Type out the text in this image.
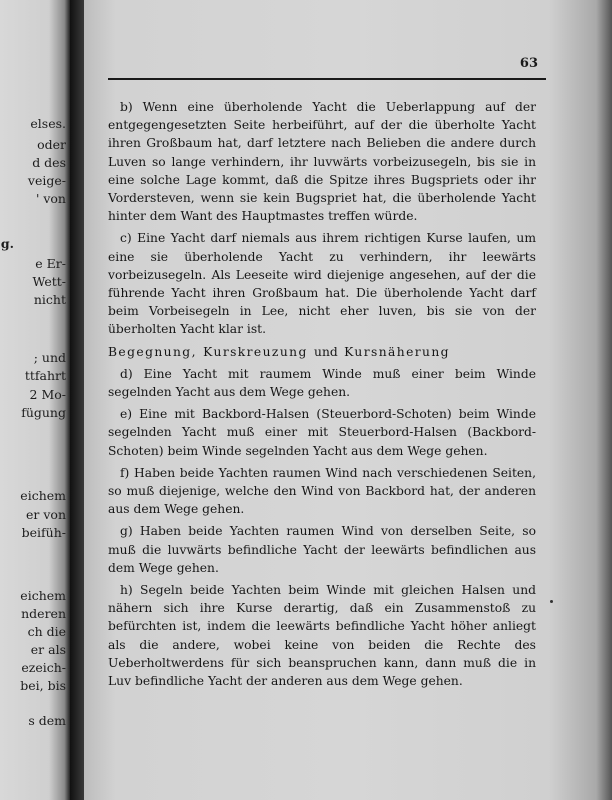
elses.
oder
d des
veige-
' von
g.
e Er-
Wett-
nicht
; und
ttfahrt
2 Mo-
fügung
eichem
er von
beifüh-
eichem
nderen
ch die
er als
ezeich-
bei, bis
s dem
63

b) Wenn eine überholende Yacht die Ueberlappung auf der entgegengesetzten Seite herbeiführt, auf der die überholte Yacht ihren Großbaum hat, darf letztere nach Belieben die andere durch Luven so lange verhindern, ihr luvwärts vorbeizusegeln, bis sie in eine solche Lage kommt, daß die Spitze ihres Bugspriets oder ihr Vordersteven, wenn sie kein Bugspriet hat, die überholende Yacht hinter dem Want des Hauptmastes treffen würde.

c) Eine Yacht darf niemals aus ihrem richtigen Kurse laufen, um eine sie überholende Yacht zu verhindern, ihr leewärts vorbeizusegeln. Als Leeseite wird diejenige angesehen, auf der die führende Yacht ihren Großbaum hat. Die überholende Yacht darf beim Vorbeisegeln in Lee, nicht eher luven, bis sie von der überholten Yacht klar ist.

Begegnung, Kurskreuzung und Kursnäherung

d) Eine Yacht mit raumem Winde muß einer beim Winde segelnden Yacht aus dem Wege gehen.

e) Eine mit Backbord-Halsen (Steuerbord-Schoten) beim Winde segelnden Yacht muß einer mit Steuerbord-Halsen (Backbord-Schoten) beim Winde segelnden Yacht aus dem Wege gehen.

f) Haben beide Yachten raumen Wind nach verschiedenen Seiten, so muß diejenige, welche den Wind von Backbord hat, der anderen aus dem Wege gehen.

g) Haben beide Yachten raumen Wind von derselben Seite, so muß die luvwärts befindliche Yacht der leewärts befindlichen aus dem Wege gehen.

h) Segeln beide Yachten beim Winde mit gleichen Halsen und nähern sich ihre Kurse derartig, daß ein Zusammenstoß zu befürchten ist, indem die leewärts befindliche Yacht höher anliegt als die andere, wobei keine von beiden die Rechte des Ueberholtwerdens für sich beanspruchen kann, dann muß die in Luv befindliche Yacht der anderen aus dem Wege gehen.
